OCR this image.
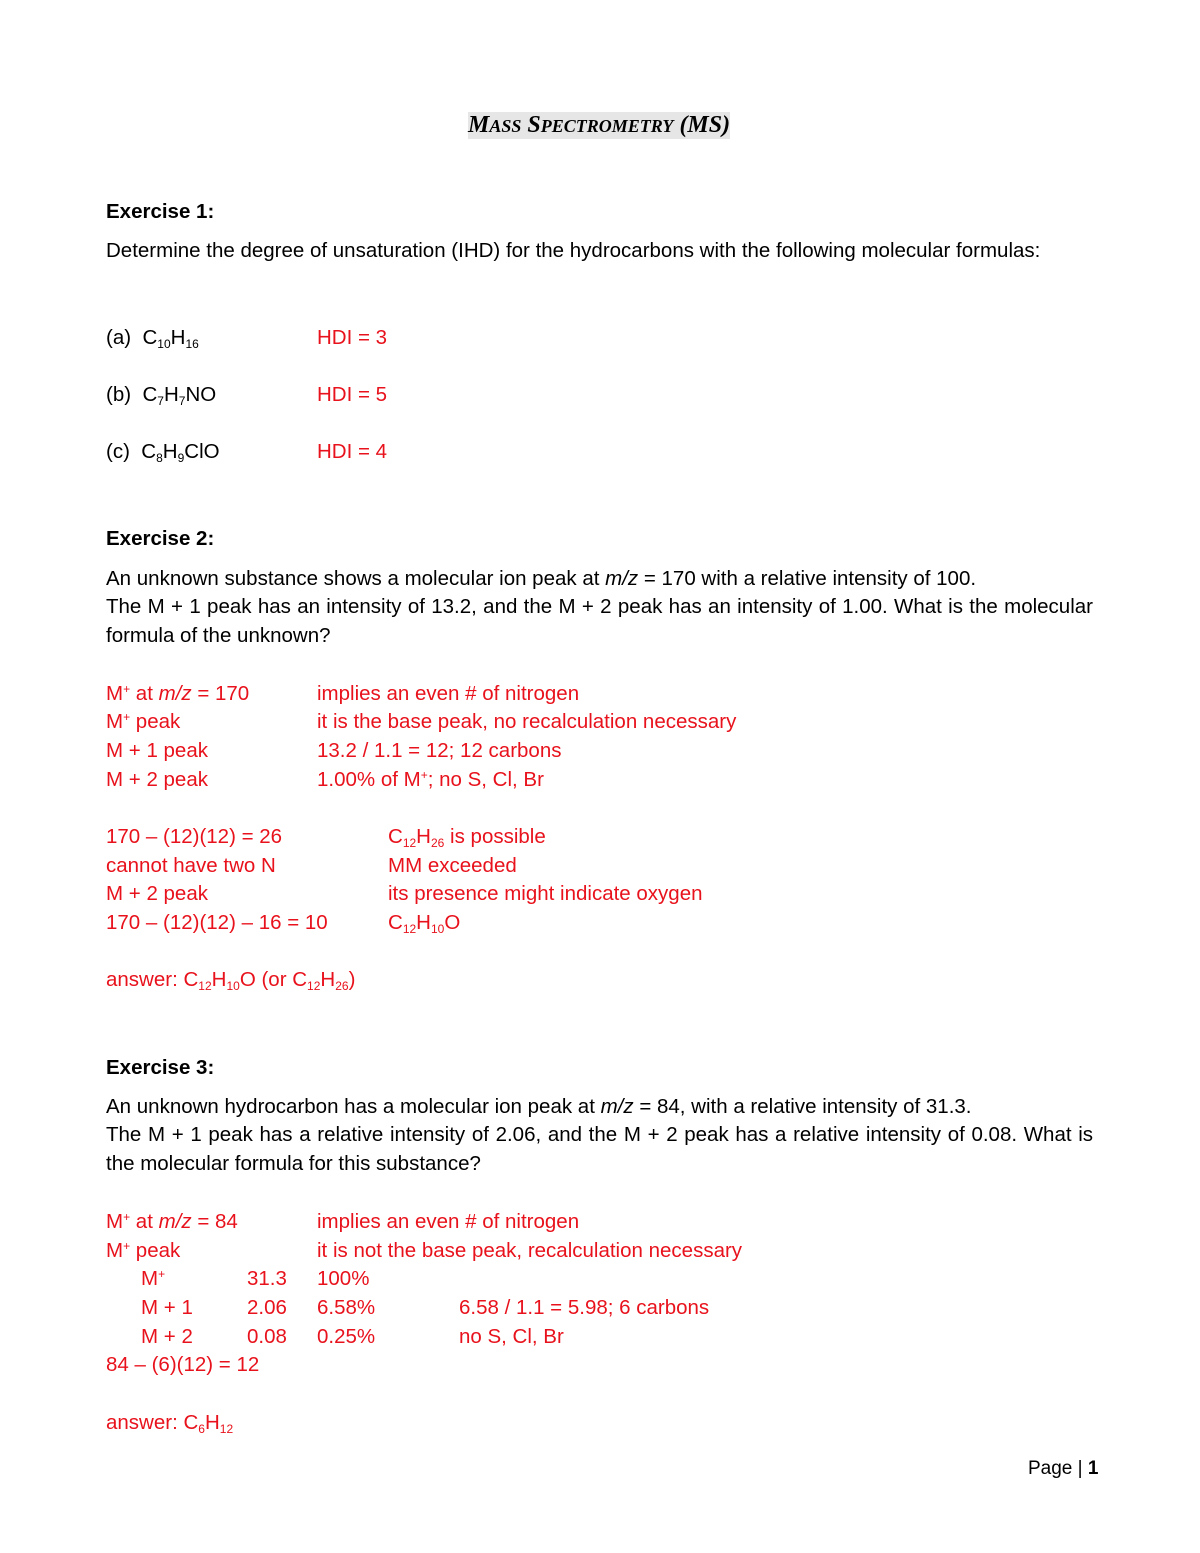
MASS SPECTROMETRY (MS)
Exercise 1:
Determine the degree of unsaturation (IHD) for the hydrocarbons with the following molecular formulas:
(a)  $C_{10}H_{16}$	HDI = 3
(b)  $C_7H_7NO$	HDI = 5
(c)  $C_8H_9ClO$	HDI = 4
Exercise 2:
An unknown substance shows a molecular ion peak at m/z = 170 with a relative intensity of 100.
The M + 1 peak has an intensity of 13.2, and the M + 2 peak has an intensity of 1.00. What is the molecular formula of the unknown?
M+ at m/z = 170	implies an even # of nitrogen
M+ peak	it is the base peak, no recalculation necessary
M + 1 peak	13.2 / 1.1 = 12; 12 carbons
M + 2 peak	1.00% of M+; no S, Cl, Br
170 – (12)(12) = 26	$C_{12}H_{26}$ is possible
cannot have two N	MM exceeded
M + 2 peak	its presence might indicate oxygen
170 – (12)(12) – 16 = 10	$C_{12}H_{10}O$
answer: $C_{12}H_{10}O$ (or $C_{12}H_{26}$)
Exercise 3:
An unknown hydrocarbon has a molecular ion peak at m/z = 84, with a relative intensity of 31.3.
The M + 1 peak has a relative intensity of 2.06, and the M + 2 peak has a relative intensity of 0.08. What is the molecular formula for this substance?
M+ at m/z = 84	implies an even # of nitrogen
M+ peak	it is not the base peak, recalculation necessary
M+	31.3 100%
M + 1	2.06 6.58%	6.58 / 1.1 = 5.98; 6 carbons
M + 2	0.08 0.25%	no S, Cl, Br
84 – (6)(12) = 12
answer: $C_6H_{12}$
Page | 1
